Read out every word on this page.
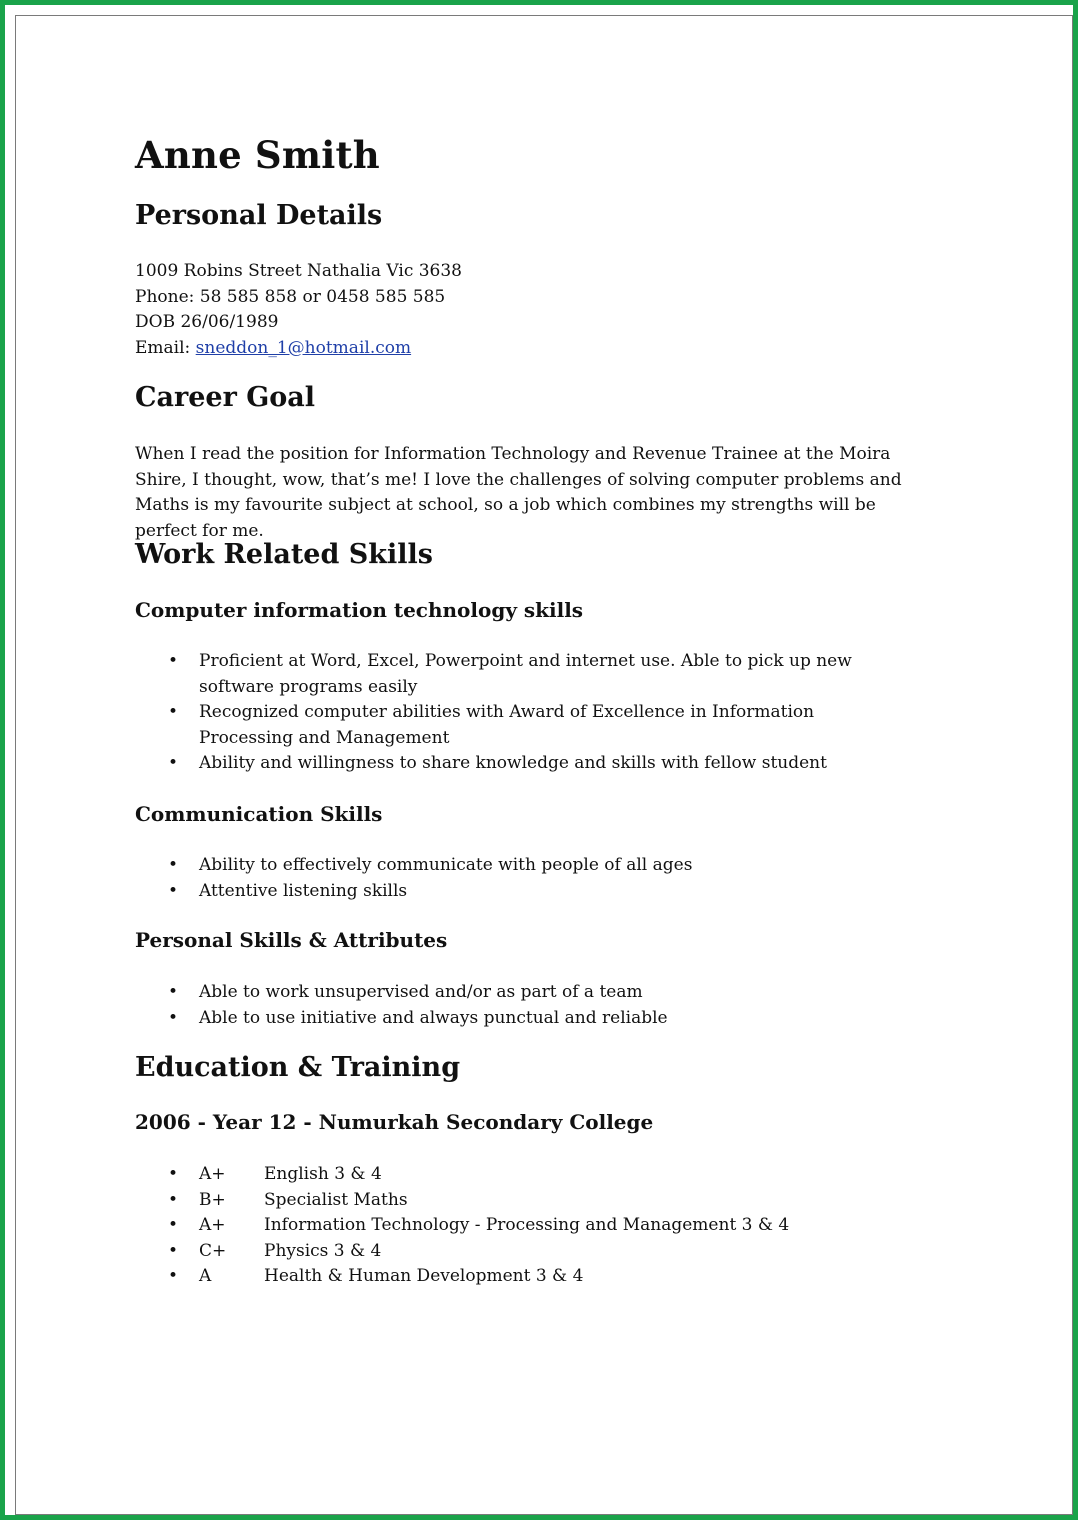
Anne Smith
Personal Details

1009 Robins Street Nathalia Vic 3638

Phone: 58 585 858 or 0458 585 585

DOB 26/06/1989

Email: sneddon_1@hotmail.com

Career Goal

When I read the position for Information Technology and Revenue Trainee at the Moira Shire, I thought, wow, that’s me! I love the challenges of solving computer problems and Maths is my favourite subject at school, so a job which combines my strengths will be perfect for me.

Work Related Skills
Computer information technology skills
• Proficient at Word, Excel, Powerpoint and internet use. Able to pick up new software programs easily
• Recognized computer abilities with Award of Excellence in Information Processing and Management
• Ability and willingness to share knowledge and skills with fellow student
Communication Skills
• Ability to effectively communicate with people of all ages
• Attentive listening skills
Personal Skills & Attributes
• Able to work unsupervised and/or as part of a team
• Able to use initiative and always punctual and reliable
Education & Training
2006 - Year 12 - Numurkah Secondary College
• A+ English 3 & 4
• B+ Specialist Maths
• A+ Information Technology - Processing and Management 3 & 4
• C+ Physics 3 & 4
• A	Health & Human Development 3 & 4
